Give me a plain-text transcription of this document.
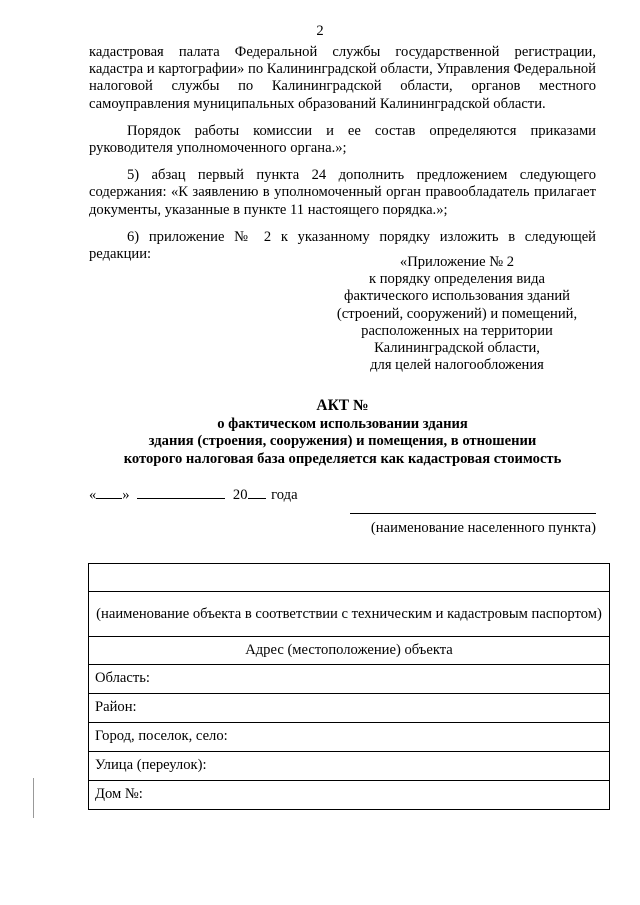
2

кадастровая палата Федеральной службы государственной регистрации, кадастра и картографии» по Калининградской области, Управления Федеральной налоговой службы по Калининградской области, органов местного самоуправления муниципальных образований Калининградской области.

Порядок работы комиссии и ее состав определяются приказами руководителя уполномоченного органа.»;

5) абзац первый пункта 24 дополнить предложением следующего содержания: «К заявлению в уполномоченный орган правообладатель прилагает документы, указанные в пункте 11 настоящего порядка.»;

6) приложение № 2 к указанному порядку изложить в следующей редакции:	«Приложение № 2
к порядку определения вида
фактического использования зданий
(строений, сооружений) и помещений,
расположенных на территории
Калининградской области,
для целей налогообложения
АКТ №
о фактическом использовании здания
здания (строения, сооружения) и помещения, в отношении
которого налоговая база определяется как кадастровая стоимость
« »	20 года
(наименование населенного пункта)

(наименование объекта в соответствии с техническим и кадастровым паспортом)
Адрес (местоположение) объекта
Область:
Район:
Город, поселок, село:
Улица (переулок):
Дом №:
